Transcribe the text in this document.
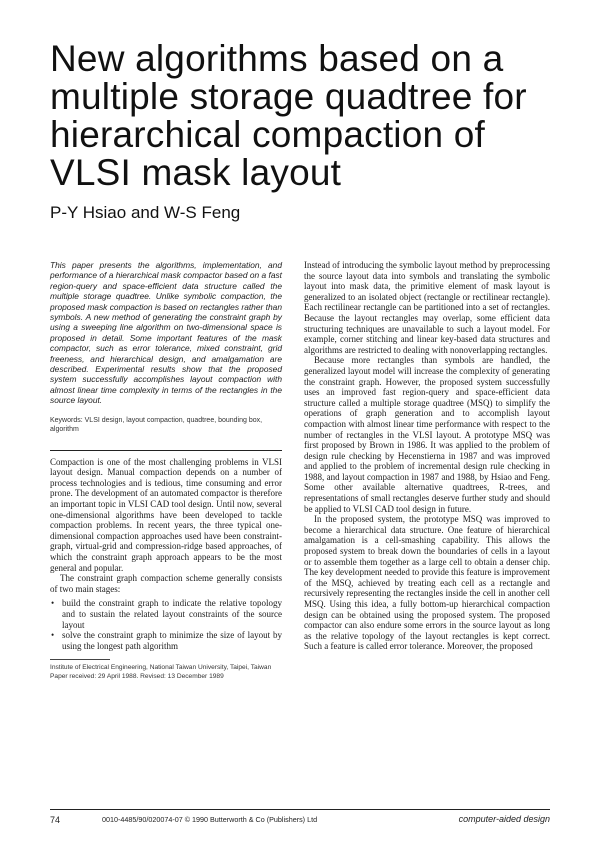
New algorithms based on a multiple storage quadtree for hierarchical compaction of VLSI mask layout

P-Y Hsiao and W-S Feng

This paper presents the algorithms, implementation, and performance of a hierarchical mask compactor based on a fast region-query and space-efficient data structure called the multiple storage quadtree. Unlike symbolic compaction, the proposed mask compaction is based on rectangles rather than symbols. A new method of generating the constraint graph by using a sweeping line algorithm on two-dimensional space is proposed in detail. Some important features of the mask compactor, such as error tolerance, mixed constraint, grid freeness, and hierarchical design, and amalgamation are described. Experimental results show that the proposed system successfully accomplishes layout compaction with almost linear time complexity in terms of the rectangles in the source layout.

Keywords: VLSI design, layout compaction, quadtree, bounding box, algorithm

Compaction is one of the most challenging problems in VLSI layout design. Manual compaction depends on a number of process technologies and is tedious, time consuming and error prone. The development of an automated compactor is therefore an important topic in VLSI CAD tool design. Until now, several one-dimensional algorithms have been developed to tackle compaction problems. In recent years, the three typical one-dimensional compaction approaches used have been constraint-graph, virtual-grid and compression-ridge based approaches, of which the constraint graph approach appears to be the most general and popular.

The constraint graph compaction scheme generally consists of two main stages:

• build the constraint graph to indicate the relative topology and to sustain the related layout constraints of the source layout
• solve the constraint graph to minimize the size of layout by using the longest path algorithm

Institute of Electrical Engineering, National Taiwan University, Taipei, Taiwan

Paper received: 29 April 1988. Revised: 13 December 1989

Instead of introducing the symbolic layout method by preprocessing the source layout data into symbols and translating the symbolic layout into mask data, the primitive element of mask layout is generalized to an isolated object (rectangle or rectilinear rectangle). Each rectilinear rectangle can be partitioned into a set of rectangles. Because the layout rectangles may overlap, some efficient data structuring techniques are unavailable to such a layout model. For example, corner stitching and linear key-based data structures and algorithms are restricted to dealing with nonoverlapping rectangles.

Because more rectangles than symbols are handled, the generalized layout model will increase the complexity of generating the constraint graph. However, the proposed system successfully uses an improved fast region-query and space-efficient data structure called a multiple storage quadtree (MSQ) to simplify the operations of graph generation and to accomplish layout compaction with almost linear time performance with respect to the number of rectangles in the VLSI layout. A prototype MSQ was first proposed by Brown in 1986. It was applied to the problem of design rule checking by Hecenstierna in 1987 and was improved and applied to the problem of incremental design rule checking in 1988, and layout compaction in 1987 and 1988, by Hsiao and Feng. Some other available alternative quadtrees, R-trees, and representations of small rectangles deserve further study and should be applied to VLSI CAD tool design in future.

In the proposed system, the prototype MSQ was improved to become a hierarchical data structure. One feature of hierarchical amalgamation is a cell-smashing capability. This allows the proposed system to break down the boundaries of cells in a layout or to assemble them together as a large cell to obtain a denser chip. The key development needed to provide this feature is improvement of the MSQ, achieved by treating each cell as a rectangle and recursively representing the rectangles inside the cell in another cell MSQ. Using this idea, a fully bottom-up hierarchical compaction design can be obtained using the proposed system. The proposed compactor can also endure some errors in the source layout as long as the relative topology of the layout rectangles is kept correct. Such a feature is called error tolerance. Moreover, the proposed

74	0010-4485/90/020074-07 © 1990 Butterworth & Co (Publishers) Ltd	computer-aided design
